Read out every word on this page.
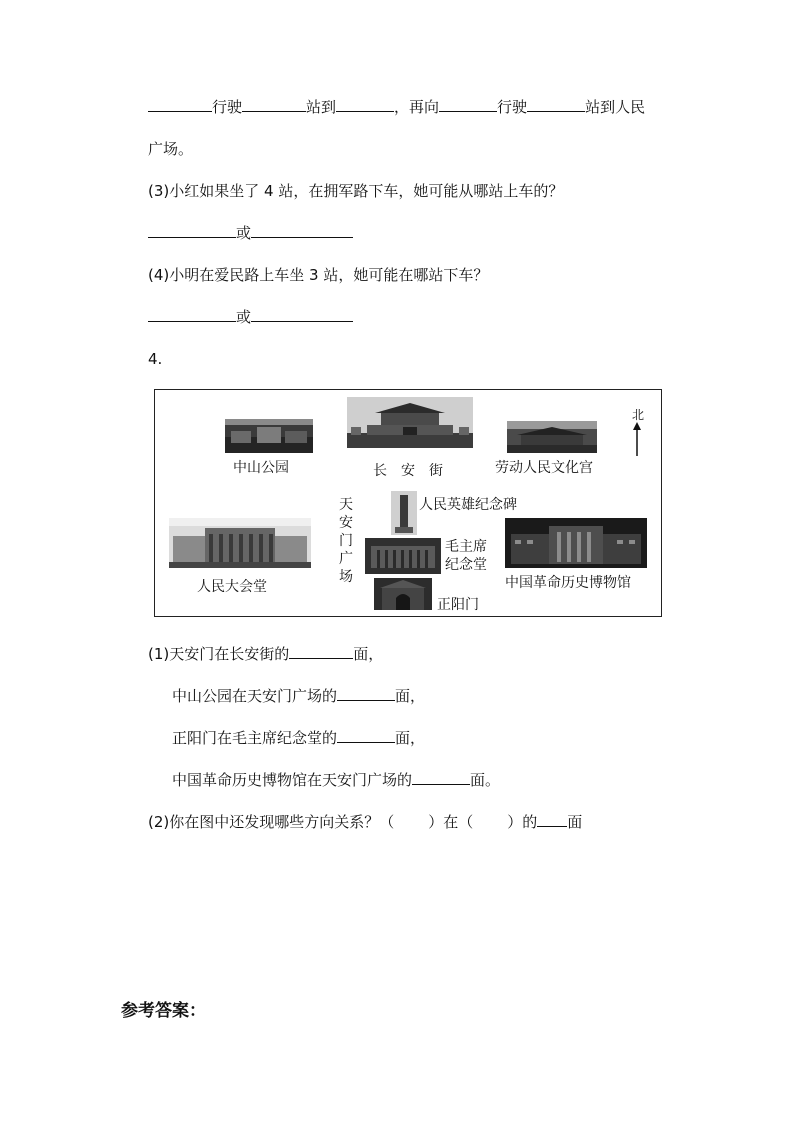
行驶	站到	，再向	行驶	站到人民
广场。
(3)小红如果坐了 4 站，在拥军路下车，她可能从哪站上车的？
或
(4)小明在爱民路上车坐 3 站，她可能在哪站下车？
或
4.
北
中山公园	长　安　街	劳动人民文化宫
天安门广场
人民英雄纪念碑
人民大会堂
毛主席
纪念堂
中国革命历史博物馆
正阳门
(1)天安门在长安街的	面，
中山公园在天安门广场的	面，
正阳门在毛主席纪念堂的	面，
中国革命历史博物馆在天安门广场的	面。
(2)你在图中还发现哪些方向关系？（ ）在（ ）的 面
参考答案：
